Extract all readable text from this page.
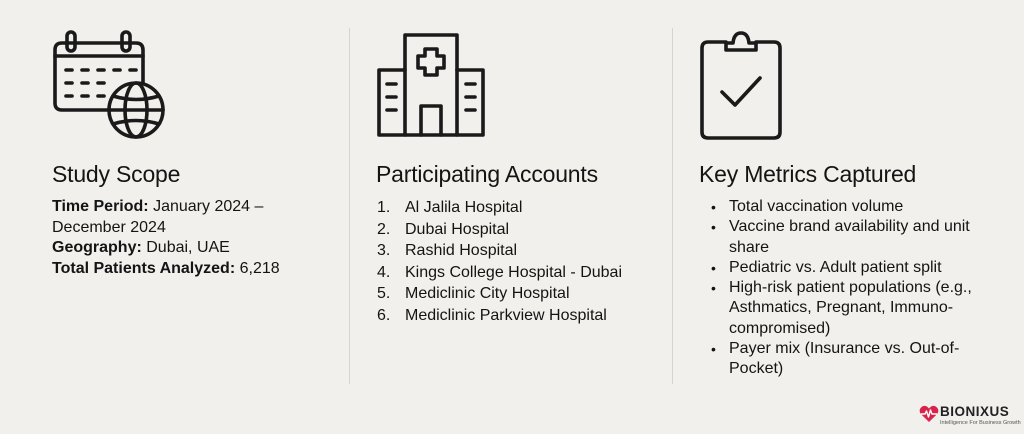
Study Scope

Time Period: January 2024 – December 2024

Geography: Dubai, UAE

Total Patients Analyzed: 6,218

Participating Accounts
1. Al Jalila Hospital
2. Dubai Hospital
3. Rashid Hospital
4. Kings College Hospital - Dubai
5. Mediclinic City Hospital
6. Mediclinic Parkview Hospital
Key Metrics Captured
• Total vaccination volume
• Vaccine brand availability and unit share
• Pediatric vs. Adult patient split
• High-risk patient populations (e.g., Asthmatics, Pregnant, Immuno-compromised)
• Payer mix (Insurance vs. Out-of-Pocket)
BIONIXUS
Intelligence For Business Growth
